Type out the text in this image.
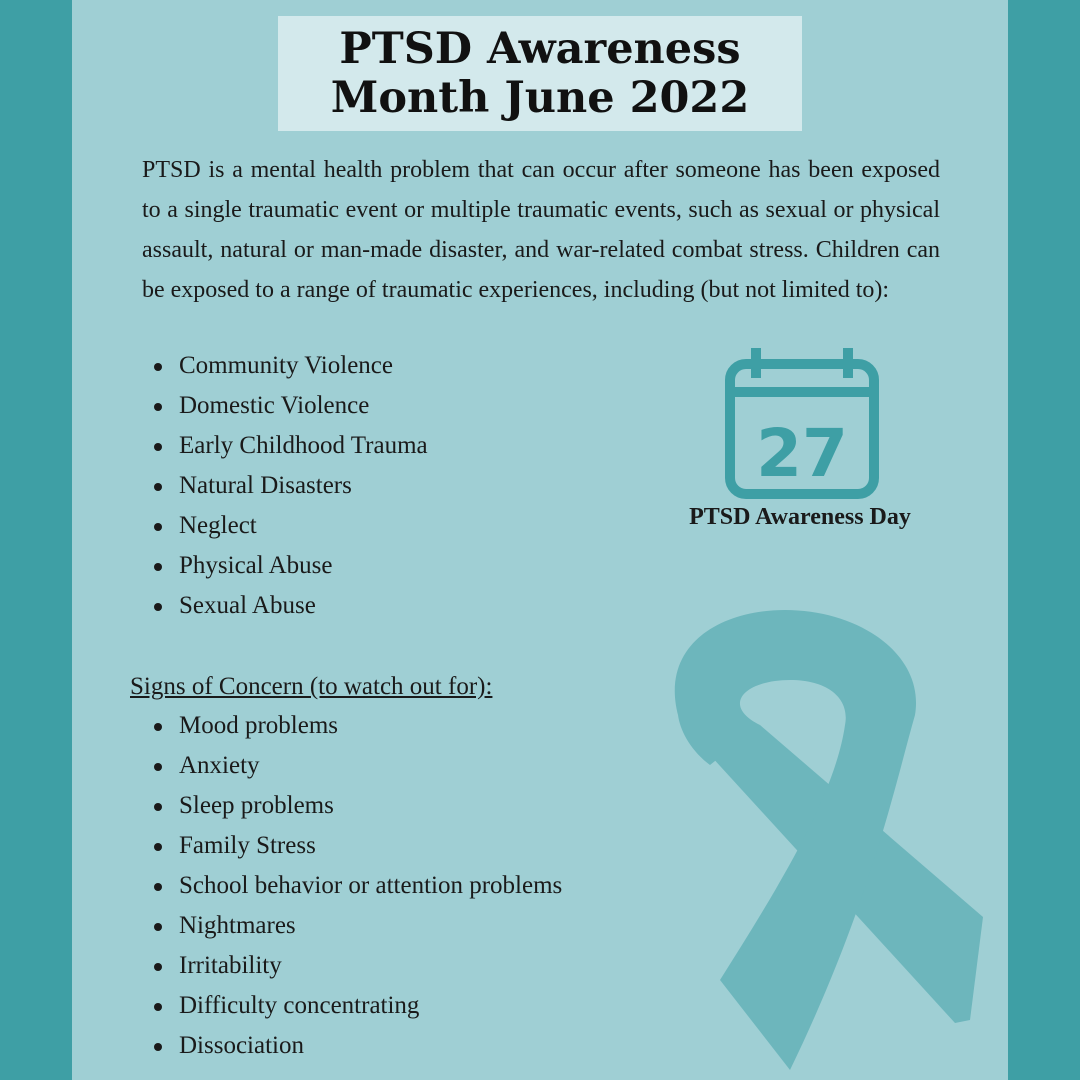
PTSD Awareness
Month June 2022
PTSD is a mental health problem that can occur after someone has been exposed to a single traumatic event or multiple traumatic events, such as sexual or physical assault, natural or man-made disaster, and war-related combat stress. Children can be exposed to a range of traumatic experiences, including (but not limited to):
Community Violence
Domestic Violence
Early Childhood Trauma
Natural Disasters
Neglect
Physical Abuse
Sexual Abuse
27
PTSD Awareness Day
Signs of Concern (to watch out for):
Mood problems
Anxiety
Sleep problems
Family Stress
School behavior or attention problems
Nightmares
Irritability
Difficulty concentrating
Dissociation
